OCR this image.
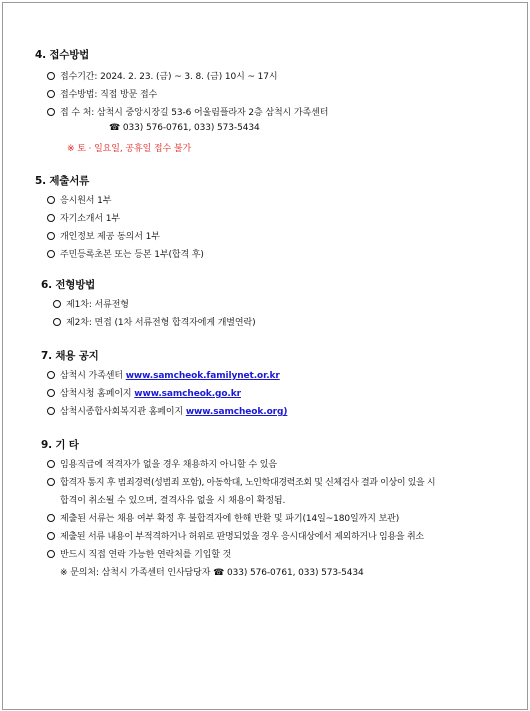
4. 접수방법
접수기간: 2024. 2. 23. (금) ~ 3. 8. (금) 10시 ~ 17시
접수방법: 직접 방문 접수
접 수 처: 삼척시 중앙시장길 53-6 어울림플라자 2층 삼척시 가족센터
☎ 033) 576-0761, 033) 573-5434
※ 토 · 일요일, 공휴일 접수 불가
5. 제출서류
응시원서 1부
자기소개서 1부
개인정보 제공 동의서 1부
주민등록초본 또는 등본 1부(합격 후)
6. 전형방법
제1차: 서류전형
제2차: 면접 (1차 서류전형 합격자에게 개별연락)
7. 채용 공지
삼척시 가족센터 www.samcheok.familynet.or.kr
삼척시청 홈페이지 www.samcheok.go.kr
삼척시종합사회복지관 홈페이지 www.samcheok.org)
9. 기 타
임용직급에 적격자가 없을 경우 채용하지 아니할 수 있음
합격자 통지 후 범죄경력(성범죄 포함), 아동학대, 노인학대경력조회 및 신체검사 결과 이상이 있을 시
합격이 취소될 수 있으며, 결격사유 없을 시 채용이 확정됨.
제출된 서류는 채용 여부 확정 후 불합격자에 한해 반환 및 파기(14일~180일까지 보관)
제출된 서류 내용이 부적격하거나 허위로 판명되었을 경우 응시대상에서 제외하거나 임용을 취소
반드시 직접 연락 가능한 연락처를 기입할 것
※ 문의처: 삼척시 가족센터 인사담당자 ☎ 033) 576-0761, 033) 573-5434
